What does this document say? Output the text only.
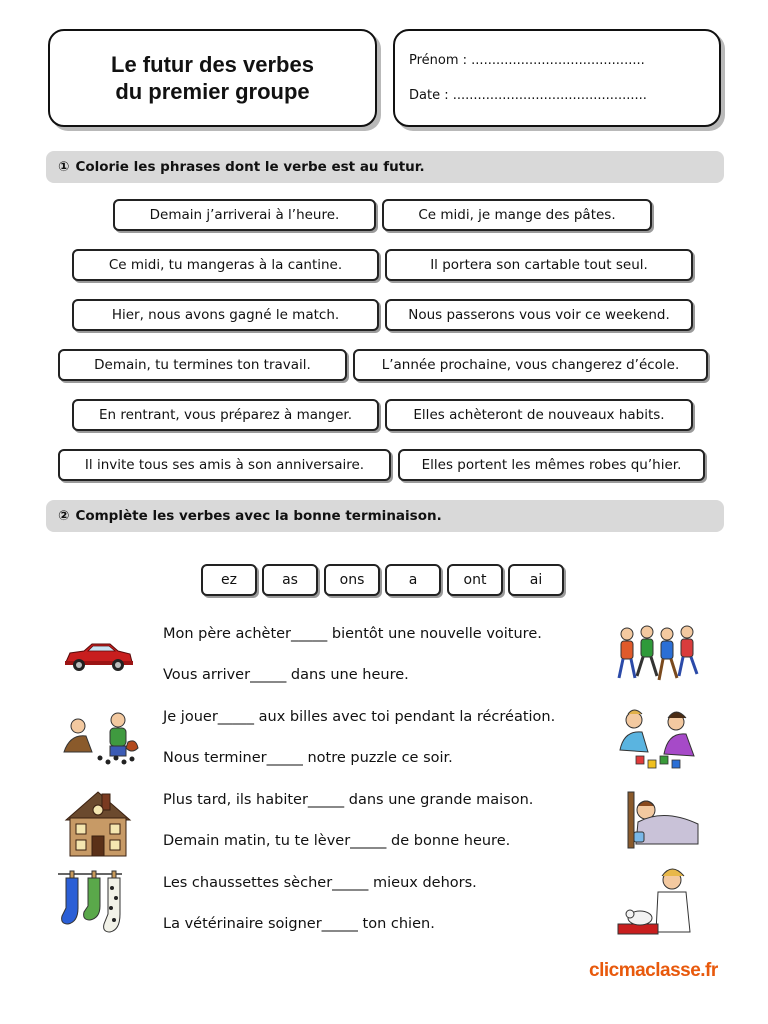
Le futur des verbes
du premier groupe
Prénom : ..........................................
Date : ...............................................
① Colorie les phrases dont le verbe est au futur.
Demain j’arriverai à l’heure.	Ce midi, je mange des pâtes.
Ce midi, tu mangeras à la cantine.	Il portera son cartable tout seul.
Hier, nous avons gagné le match.	Nous passerons vous voir ce weekend.
Demain, tu termines ton travail.	L’année prochaine, vous changerez d’école.
En rentrant, vous préparez à manger.	Elles achèteront de nouveaux habits.
Il invite tous ses amis à son anniversaire.	Elles portent les mêmes robes qu’hier.
② Complète les verbes avec la bonne terminaison.
ez	as	ons	a	ont	ai
Mon père achèter_____ bientôt une nouvelle voiture.
Vous arriver_____ dans une heure.
Je jouer_____ aux billes avec toi pendant la récréation.
Nous terminer_____ notre puzzle ce soir.
Plus tard, ils habiter_____ dans une grande maison.
Demain matin, tu te lèver_____ de bonne heure.
Les chaussettes sècher_____ mieux dehors.
La vétérinaire soigner_____ ton chien.
clicmaclasse.fr
